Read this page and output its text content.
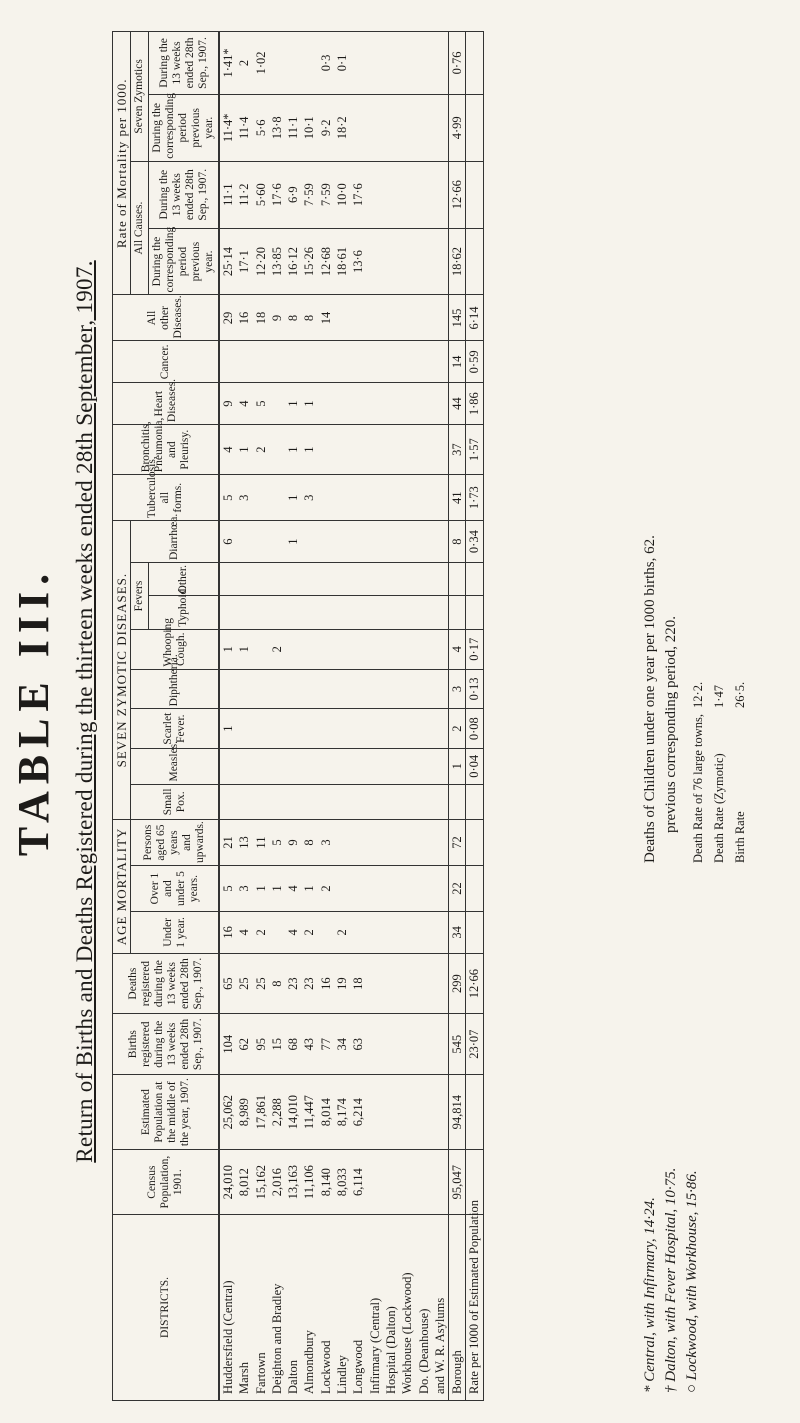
TABLE III. Return of Births and Deaths Registered during the thirteen weeks ended 28th September, 1907.
DISTRICTS.	Census Population, 1901.	Estimated Population at the middle of the year, 1907.	Births registered during the 13 weeks ended 28th Sep., 1907.	Deaths registered during the 13 weeks ended 28th Sep., 1907.	AGE MORTALITY			SEVEN ZYMOTIC DISEASES.								Tuberculosis, all forms.	Bronchitis, Pneumonia, and Pleurisy.	Heart Diseases.	Cancer.	All other Diseases.	Rate of Mortality per 1000.			
					Under 1 year.	Over 1 and under 5 years.	Persons aged 65 years and upwards.	Small Pox.	Measles.	Scarlet Fever.	Diphtheria.	Whooping Cough.	Fevers		Diarrhœa.						All Causes.		Seven Zymotics	
													Typhoid.	Other.							During the corresponding period previous year.	During the 13 weeks ended 28th Sep., 1907.	During the corresponding period previous year.	During the 13 weeks ended 28th Sep., 1907.
Huddersfield (Central)	24,010	25,062	104	65	16	5	21			1		1			6	5	4	9		29	25·14	11·1	11·4*	1·41*
Marsh	8,012	8,989	62	25	4	3	13					1				3	1	4		16	17·1	11·2	11·4	2
Fartown	15,162	17,861	95	25	2	1	11										2	5		18	12·20	5·60	5·6	1·02
Deighton and Bradley	2,016	2,288	15	8		1	5					2								9	13·85	17·6	13·8	
Dalton	13,163	14,010	68	23	4	4	9								1	1	1	1		8	16·12	6·9	11·1	
Almondbury	11,106	11,447	43	23	2	1	8									3	1	1		8	15·26	7·59	10·1	
Lockwood	8,140	8,014	77	16		2	3													14	12·68	7·59	9·2	0·3
Lindley	8,033	8,174	34	19	2																18·61	10·0	18·2	0·1
Longwood	6,114	6,214	63	18																	13·6	17·6		
Infirmary (Central)																								
Hospital (Dalton)																								
Workhouse (Lockwood)																								
Do. (Deanhouse)																								
and W. R. Asylums																								
Borough	95,047	94,814	545	299	34	22	72		1	2	3	4			8	41	37	44	14	145	18·62	12·66	4·99	0·76
Rate per 1000 of Estimated Population			23·07	12·66					0·04	0·08	0·13	0·17			0·34	1·73	1·57	1·86	0·59	6·14				
* Central, with Infirmary, 14·24. † Dalton, with Fever Hospital, 10·75. ○ Lockwood, with Workhouse, 15·86.
Deaths of Children under one year per 1000 births, 62. previous corresponding period, 220. Death Rate of 76 large towns,	12·2.
Death Rate (Zymotic)	1·47
Birth Rate	26·5.
